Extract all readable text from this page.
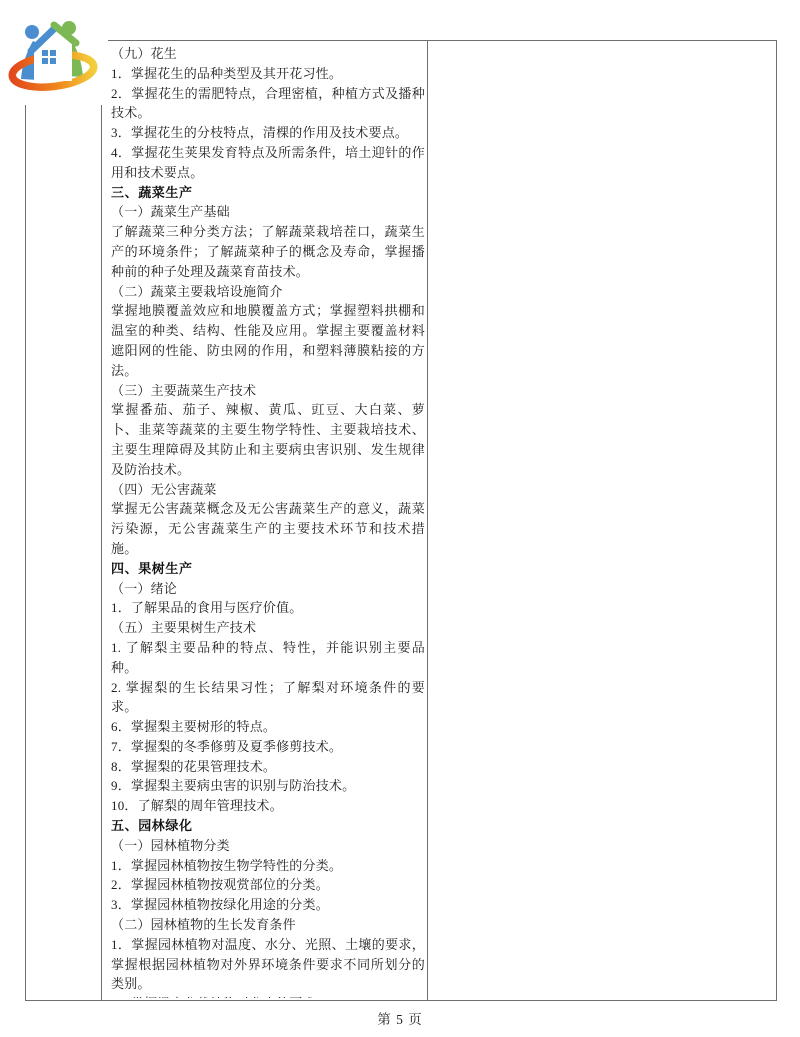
（九）花生
1．掌握花生的品种类型及其开花习性。
2．掌握花生的需肥特点，合理密植，种植方式及播种技术。
3．掌握花生的分枝特点，清棵的作用及技术要点。
4．掌握花生荚果发育特点及所需条件，培土迎针的作用和技术要点。
三、蔬菜生产
（一）蔬菜生产基础
了解蔬菜三种分类方法；了解蔬菜栽培茬口，蔬菜生产的环境条件；了解蔬菜种子的概念及寿命，掌握播种前的种子处理及蔬菜育苗技术。
（二）蔬菜主要栽培设施简介
掌握地膜覆盖效应和地膜覆盖方式；掌握塑料拱棚和温室的种类、结构、性能及应用。掌握主要覆盖材料遮阳网的性能、防虫网的作用，和塑料薄膜粘接的方法。
（三）主要蔬菜生产技术
掌握番茄、茄子、辣椒、黄瓜、豇豆、大白菜、萝卜、韭菜等蔬菜的主要生物学特性、主要栽培技术、主要生理障碍及其防止和主要病虫害识别、发生规律及防治技术。
（四）无公害蔬菜
掌握无公害蔬菜概念及无公害蔬菜生产的意义，蔬菜污染源，无公害蔬菜生产的主要技术环节和技术措施。
四、果树生产
（一）绪论
1．了解果品的食用与医疗价值。
（五）主要果树生产技术
1. 了解梨主要品种的特点、特性，并能识别主要品种。
2. 掌握梨的生长结果习性；了解梨对环境条件的要求。
6．掌握梨主要树形的特点。
7．掌握梨的冬季修剪及夏季修剪技术。
8．掌握梨的花果管理技术。
9．掌握梨主要病虫害的识别与防治技术。
10．了解梨的周年管理技术。
五、园林绿化
（一）园林植物分类
1．掌握园林植物按生物学特性的分类。
2．掌握园林植物按观赏部位的分类。
3．掌握园林植物按绿化用途的分类。
（二）园林植物的生长发育条件
1．掌握园林植物对温度、水分、光照、土壤的要求，掌握根据园林植物对外界环境条件要求不同所划分的类别。
第 5 页
